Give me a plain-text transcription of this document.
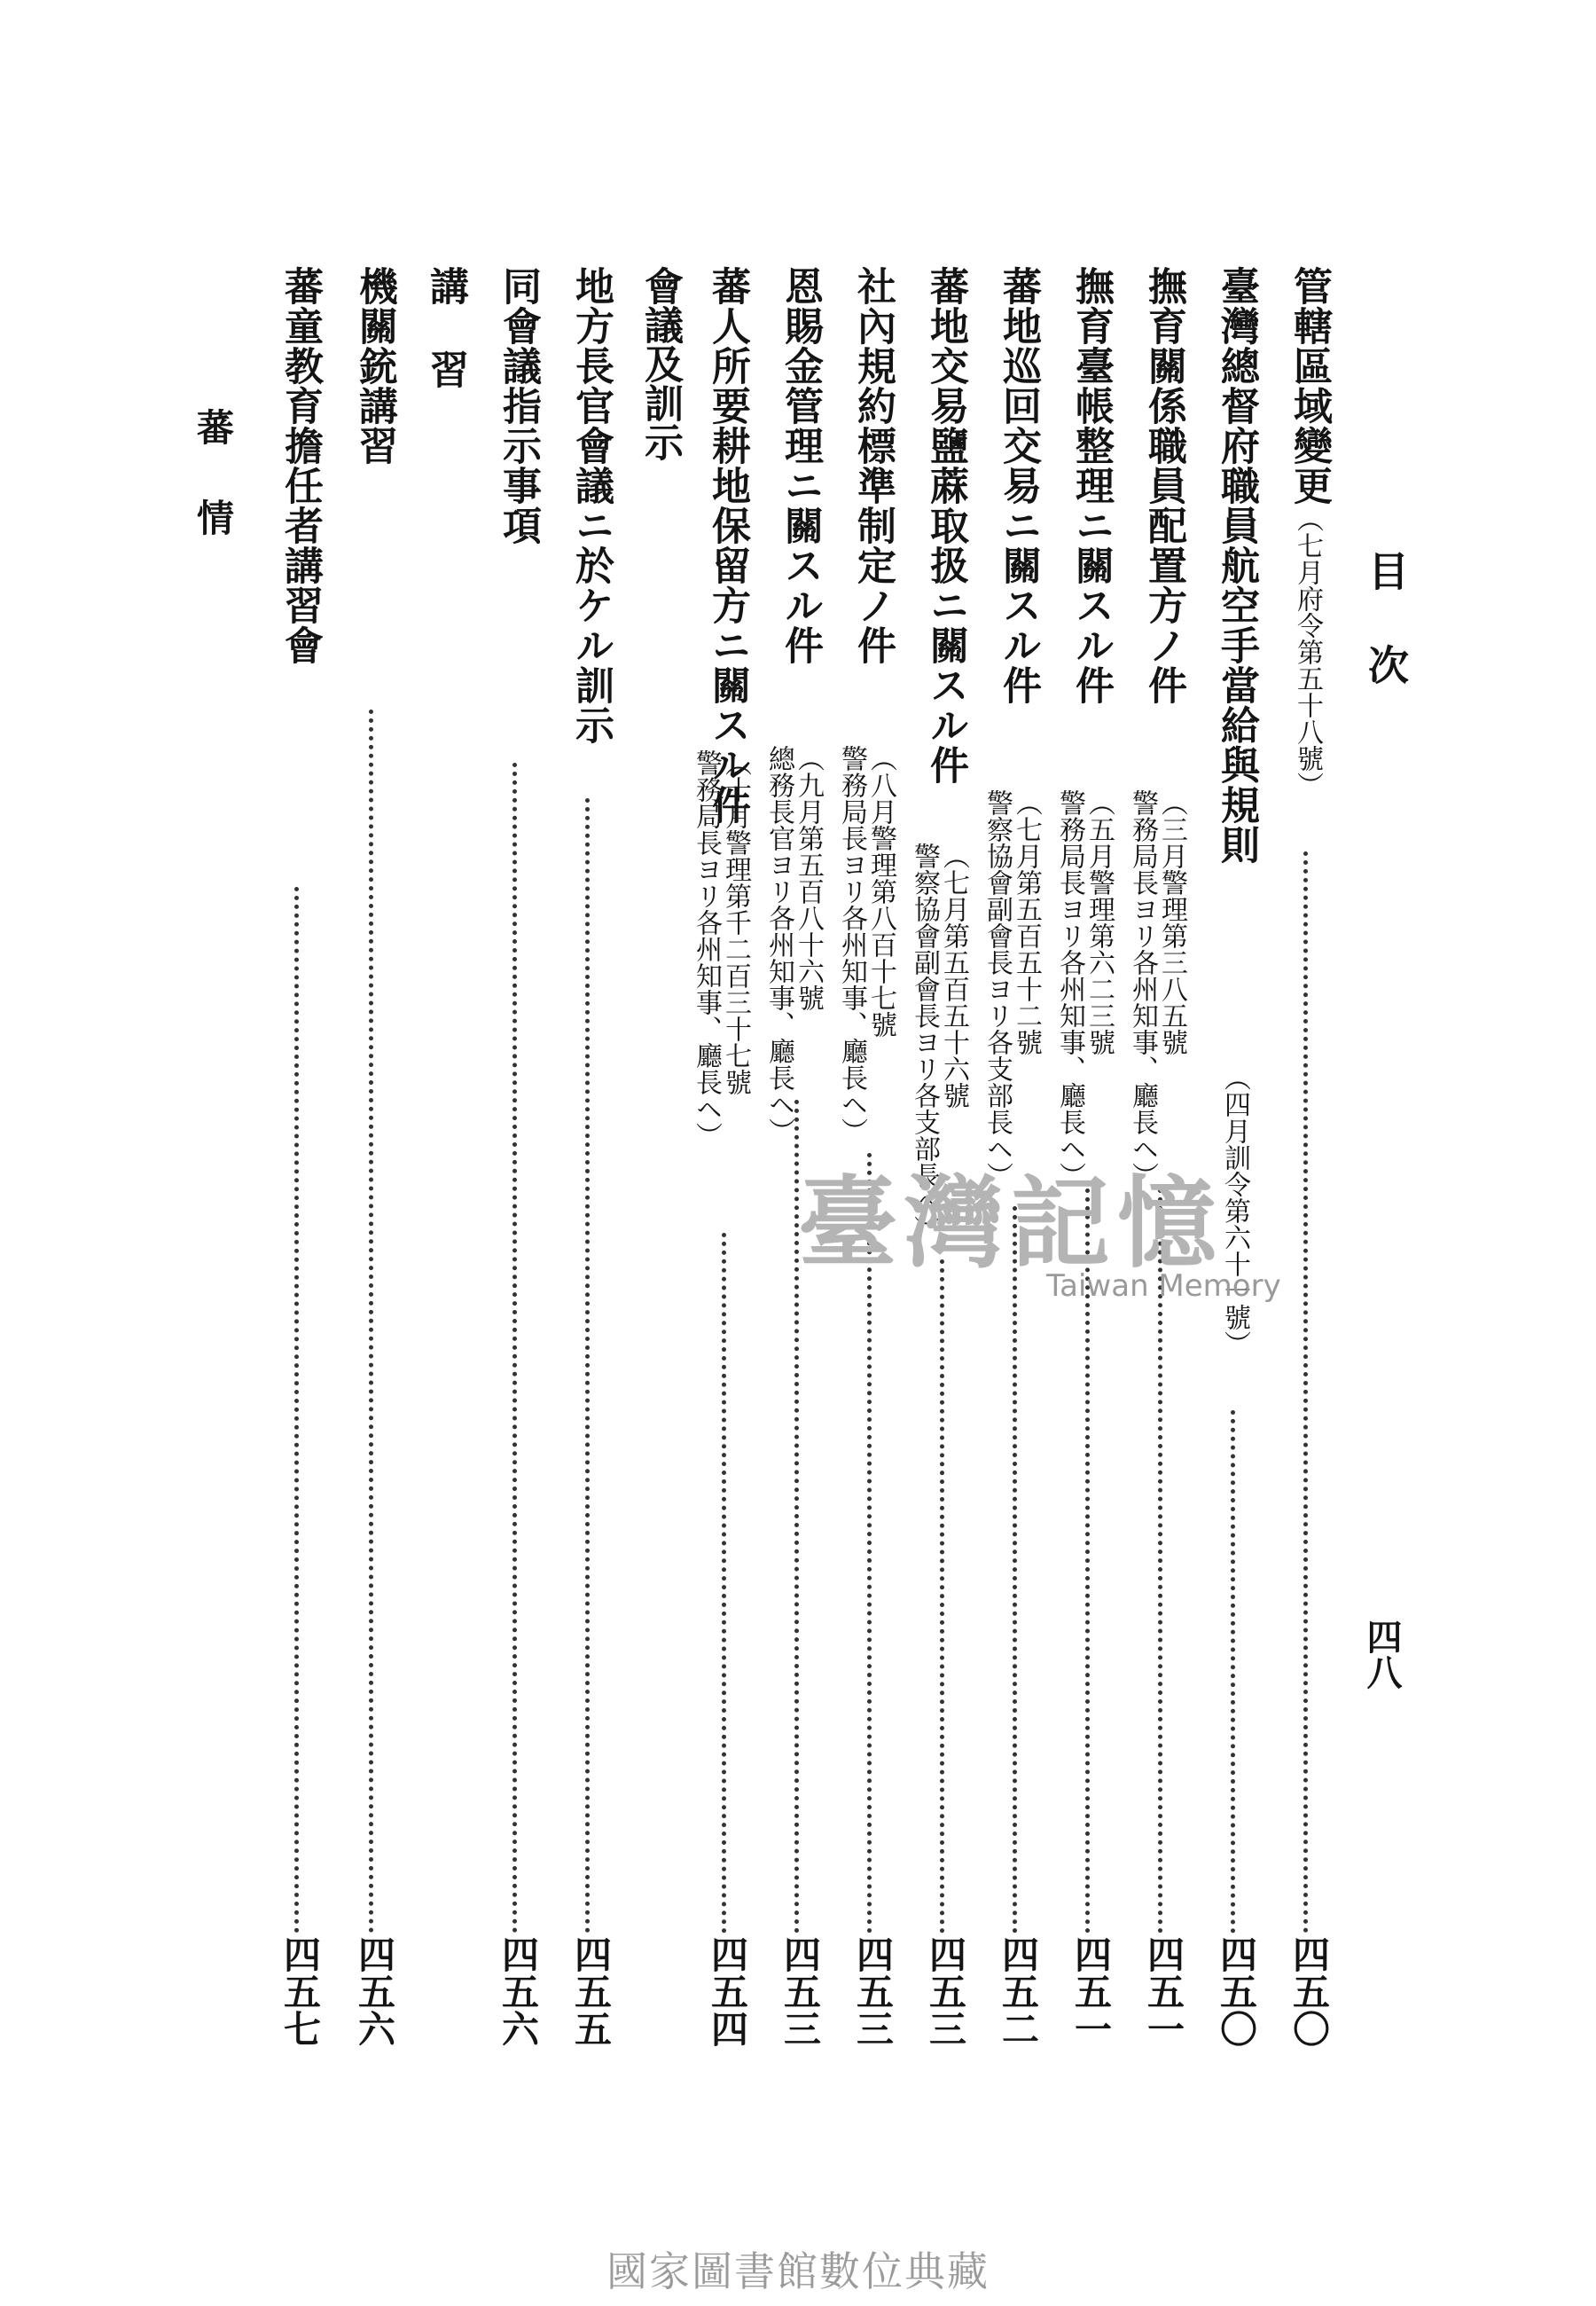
目次
四八
管轄區域變更
（七月府令第五十八號）
四五〇
臺灣總督府職員航空手當給與規則
（四月訓令第六十一號）
四五〇
撫育關係職員配置方ノ件
（三月警理第三八五號
警務局長ヨリ各州知事、廳長ヘ）
四五一
撫育臺帳整理ニ關スル件
（五月警理第六二三號
警務局長ヨリ各州知事、廳長ヘ）
四五一
蕃地巡回交易ニ關スル件
（七月第五百五十二號
警察協會副會長ヨリ各支部長ヘ）
四五二
蕃地交易鹽蔴取扱ニ關スル件
（七月第五百五十六號
警察協會副會長ヨリ各支部長ヘ）
四五三
社內規約標準制定ノ件
（八月警理第八百十七號
警務局長ヨリ各州知事、廳長ヘ）
四五三
恩賜金管理ニ關スル件
（九月第五百八十六號
總務長官ヨリ各州知事、廳長ヘ）
四五三
蕃人所要耕地保留方ニ關スル件
（十月警理第千二百三十七號
警務局長ヨリ各州知事、廳長ヘ）
四五四
會議及訓示
地方長官會議ニ於ケル訓示
四五五
同會議指示事項
四五六
講習
機關銃講習
四五六
蕃童教育擔任者講習會
四五七
蕃情
臺灣記憶
Taiwan Memory
國家圖書館數位典藏
